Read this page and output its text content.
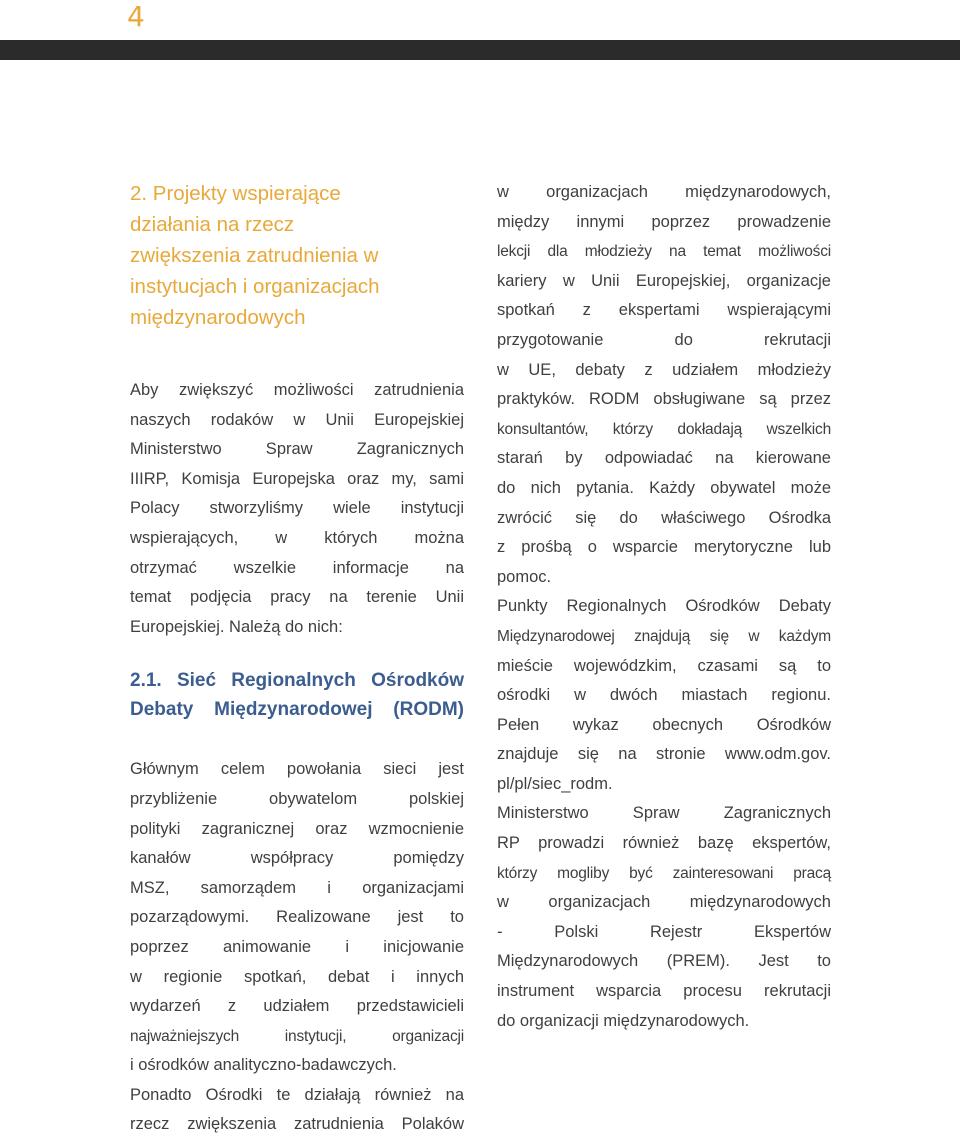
4
2. Projekty wspierające
działania na rzecz
zwiększenia zatrudnienia w
instytucjach i organizacjach
międzynarodowych

Aby zwiększyć możliwości zatrudnienia
naszych rodaków w Unii Europejskiej
Ministerstwo Spraw Zagranicznych
IIIRP, Komisja Europejska oraz my, sami
Polacy stworzyliśmy wiele instytucji
wspierających, w których można
otrzymać wszelkie informacje na
temat podjęcia pracy na terenie Unii
Europejskiej. Należą do nich:

2.1. Sieć Regionalnych Ośrodków
Debaty Międzynarodowej (RODM)

Głównym celem powołania sieci jest
przybliżenie obywatelom polskiej
polityki zagranicznej oraz wzmocnienie
kanałów współpracy pomiędzy
MSZ, samorządem i organizacjami
pozarządowymi. Realizowane jest to
poprzez animowanie i inicjowanie
w regionie spotkań, debat i innych
wydarzeń z udziałem przedstawicieli
najważniejszych instytucji, organizacji
i ośrodków analityczno-badawczych.
Ponadto Ośrodki te działają również na
rzecz zwiększenia zatrudnienia Polaków

w organizacjach międzynarodowych,
między innymi poprzez prowadzenie
lekcji dla młodzieży na temat możliwości
kariery w Unii Europejskiej, organizacje
spotkań z ekspertami wspierającymi
przygotowanie do rekrutacji
w UE, debaty z udziałem młodzieży
praktyków. RODM obsługiwane są przez
konsultantów, którzy dokładają wszelkich
starań by odpowiadać na kierowane
do nich pytania. Każdy obywatel może
zwrócić się do właściwego Ośrodka
z prośbą o wsparcie merytoryczne lub
pomoc.
Punkty Regionalnych Ośrodków Debaty
Międzynarodowej znajdują się w każdym
mieście wojewódzkim, czasami są to
ośrodki w dwóch miastach regionu.
Pełen wykaz obecnych Ośrodków
znajduje się na stronie www.odm.gov.
pl/pl/siec_rodm.
Ministerstwo Spraw Zagranicznych
RP prowadzi również bazę ekspertów,
którzy mogliby być zainteresowani pracą
w organizacjach międzynarodowych
- Polski Rejestr Ekspertów
Międzynarodowych (PREM). Jest to
instrument wsparcia procesu rekrutacji
do organizacji międzynarodowych.
